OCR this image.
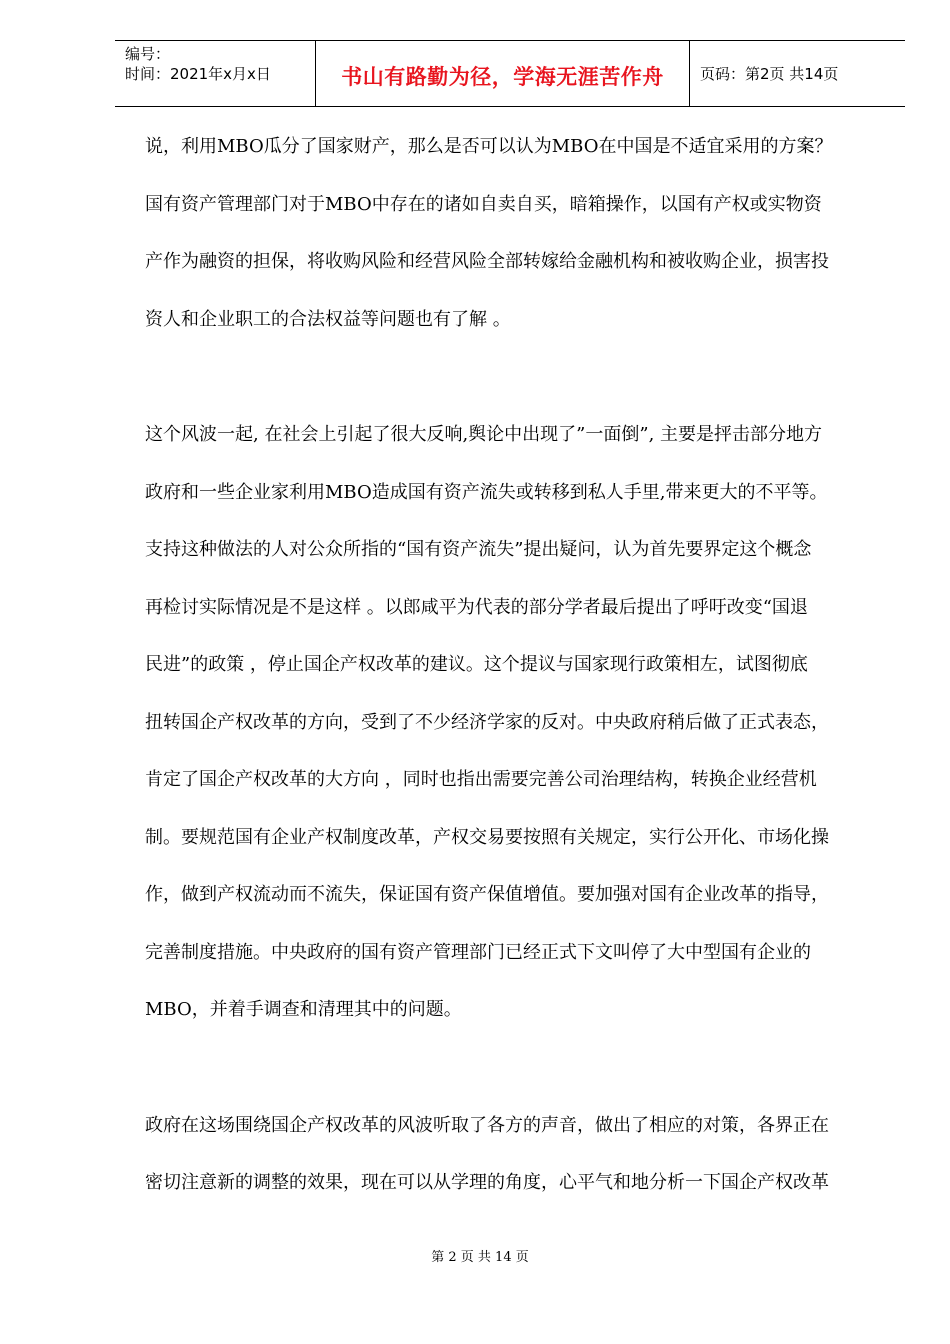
编号：
时间：2021年x月x日	书山有路勤为径，学海无涯苦作舟 页码：第2页 共14页
说，利用MBO瓜分了国家财产，那么是否可以认为MBO在中国是不适宜采用的方案？
国有资产管理部门对于MBO中存在的诸如自卖自买，暗箱操作，以国有产权或实物资
产作为融资的担保，将收购风险和经营风险全部转嫁给金融机构和被收购企业，损害投
资人和企业职工的合法权益等问题也有了解 。
这个风波一起, 在社会上引起了很大反响,舆论中出现了”一面倒”, 主要是抨击部分地方
政府和一些企业家利用MBO造成国有资产流失或转移到私人手里,带来更大的不平等。
支持这种做法的人对公众所指的“国有资产流失”提出疑问，认为首先要界定这个概念
再检讨实际情况是不是这样 。以郎咸平为代表的部分学者最后提出了呼吁改变“国退
民进”的政策 ，停止国企产权改革的建议。这个提议与国家现行政策相左，试图彻底
扭转国企产权改革的方向，受到了不少经济学家的反对。中央政府稍后做了正式表态，
肯定了国企产权改革的大方向 ，同时也指出需要完善公司治理结构，转换企业经营机
制。要规范国有企业产权制度改革，产权交易要按照有关规定，实行公开化、市场化操
作，做到产权流动而不流失，保证国有资产保值增值。要加强对国有企业改革的指导，
完善制度措施。中央政府的国有资产管理部门已经正式下文叫停了大中型国有企业的
MBO，并着手调查和清理其中的问题。
政府在这场围绕国企产权改革的风波听取了各方的声音，做出了相应的对策，各界正在
密切注意新的调整的效果，现在可以从学理的角度，心平气和地分析一下国企产权改革
第 2 页 共 14 页
